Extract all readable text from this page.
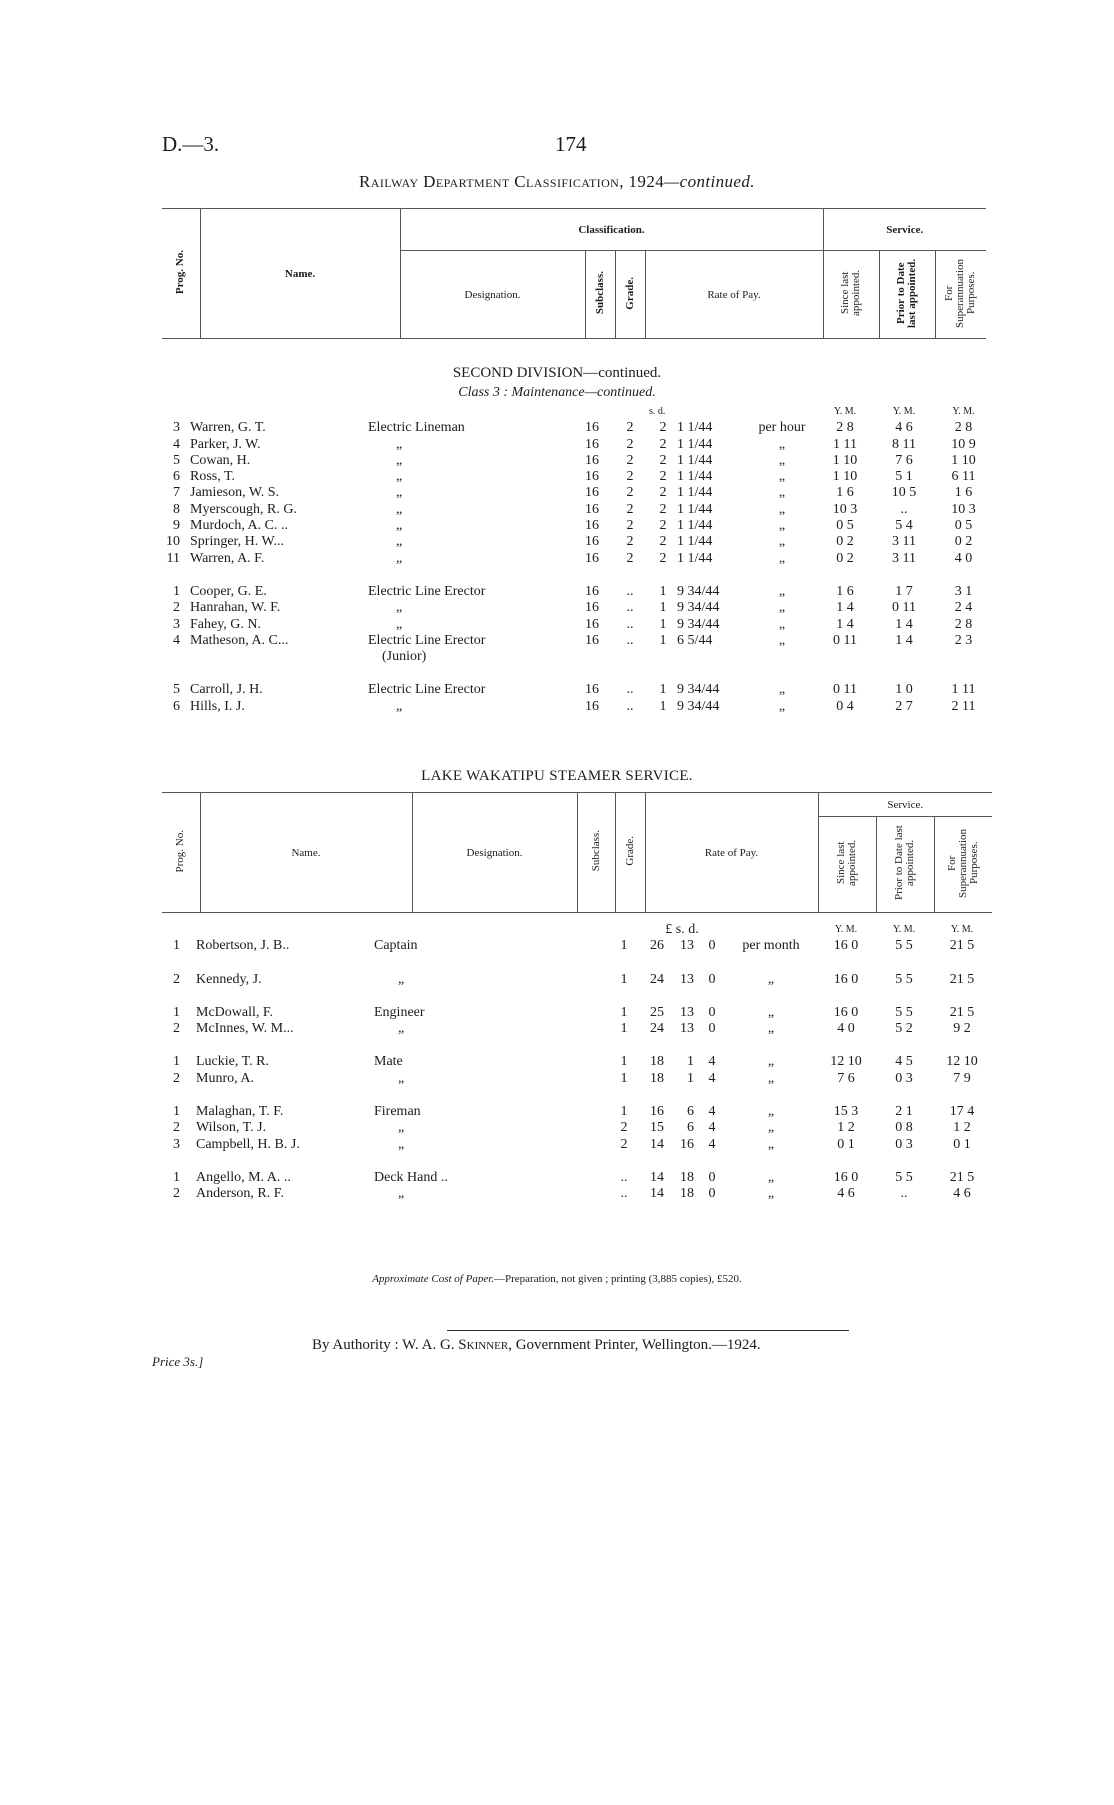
D.—3.	174
Railway Department Classification, 1924—continued.
Prog. No.	Name.	Classification.				Service.		
		Designation.	Subclass.	Grade.	Rate of Pay.	Since last appointed.	Prior to Date last appointed.	For Superannuation Purposes.
SECOND DIVISION—continued.
Class 3 : Maintenance—continued.
					s. d.			Y. M.	Y. M.	Y. M.
3	Warren, G. T.	Electric Lineman	16	2	2	1 1/44	per hour	2 8	4 6	2 8
4	Parker, J. W.	„	16	2	2	1 1/44	„	1 11	8 11	10 9
5	Cowan, H.	„	16	2	2	1 1/44	„	1 10	7 6	1 10
6	Ross, T.	„	16	2	2	1 1/44	„	1 10	5 1	6 11
7	Jamieson, W. S.	„	16	2	2	1 1/44	„	1 6	10 5	1 6
8	Myerscough, R. G.	„	16	2	2	1 1/44	„	10 3	..	10 3
9	Murdoch, A. C. ..	„	16	2	2	1 1/44	„	0 5	5 4	0 5
10	Springer, H. W...	„	16	2	2	1 1/44	„	0 2	3 11	0 2
11	Warren, A. F.	„	16	2	2	1 1/44	„	0 2	3 11	4 0

1	Cooper, G. E.	Electric Line Erector	16	..	1	9 34/44	„	1 6	1 7	3 1
2	Hanrahan, W. F.	„	16	..	1	9 34/44	„	1 4	0 11	2 4
3	Fahey, G. N.	„	16	..	1	9 34/44	„	1 4	1 4	2 8
4	Matheson, A. C...	Electric Line Erector	16	..	1	6 5/44	„	0 11	1 4	2 3
		(Junior)								

5	Carroll, J. H.	Electric Line Erector	16	..	1	9 34/44	„	0 11	1 0	1 11
6	Hills, I. J.	„	16	..	1	9 34/44	„	0 4	2 7	2 11
LAKE WAKATIPU STEAMER SERVICE.
Prog. No.	Name.	Designation.	Subclass.	Grade.	Rate of Pay.	Service.		
						Since last appointed.	Prior to Date last appointed.	For Superannuation Purposes.
					£ s. d.				Y. M.	Y. M.	Y. M.
1	Robertson, J. B..	Captain		1	26	13	0	per month	16 0	5 5	21 5

2	Kennedy, J.	„		1	24	13	0	„	16 0	5 5	21 5

1	McDowall, F.	Engineer		1	25	13	0	„	16 0	5 5	21 5
2	McInnes, W. M...	„		1	24	13	0	„	4 0	5 2	9 2

1	Luckie, T. R.	Mate		1	18	1	4	„	12 10	4 5	12 10
2	Munro, A.	„		1	18	1	4	„	7 6	0 3	7 9

1	Malaghan, T. F.	Fireman		1	16	6	4	„	15 3	2 1	17 4
2	Wilson, T. J.	„		2	15	6	4	„	1 2	0 8	1 2
3	Campbell, H. B. J.	„		2	14	16	4	„	0 1	0 3	0 1

1	Angello, M. A. ..	Deck Hand ..		..	14	18	0	„	16 0	5 5	21 5
2	Anderson, R. F.	„		..	14	18	0	„	4 6	..	4 6
Approximate Cost of Paper.—Preparation, not given ; printing (3,885 copies), £520.
By Authority : W. A. G. Skinner, Government Printer, Wellington.—1924.
Price 3s.]
